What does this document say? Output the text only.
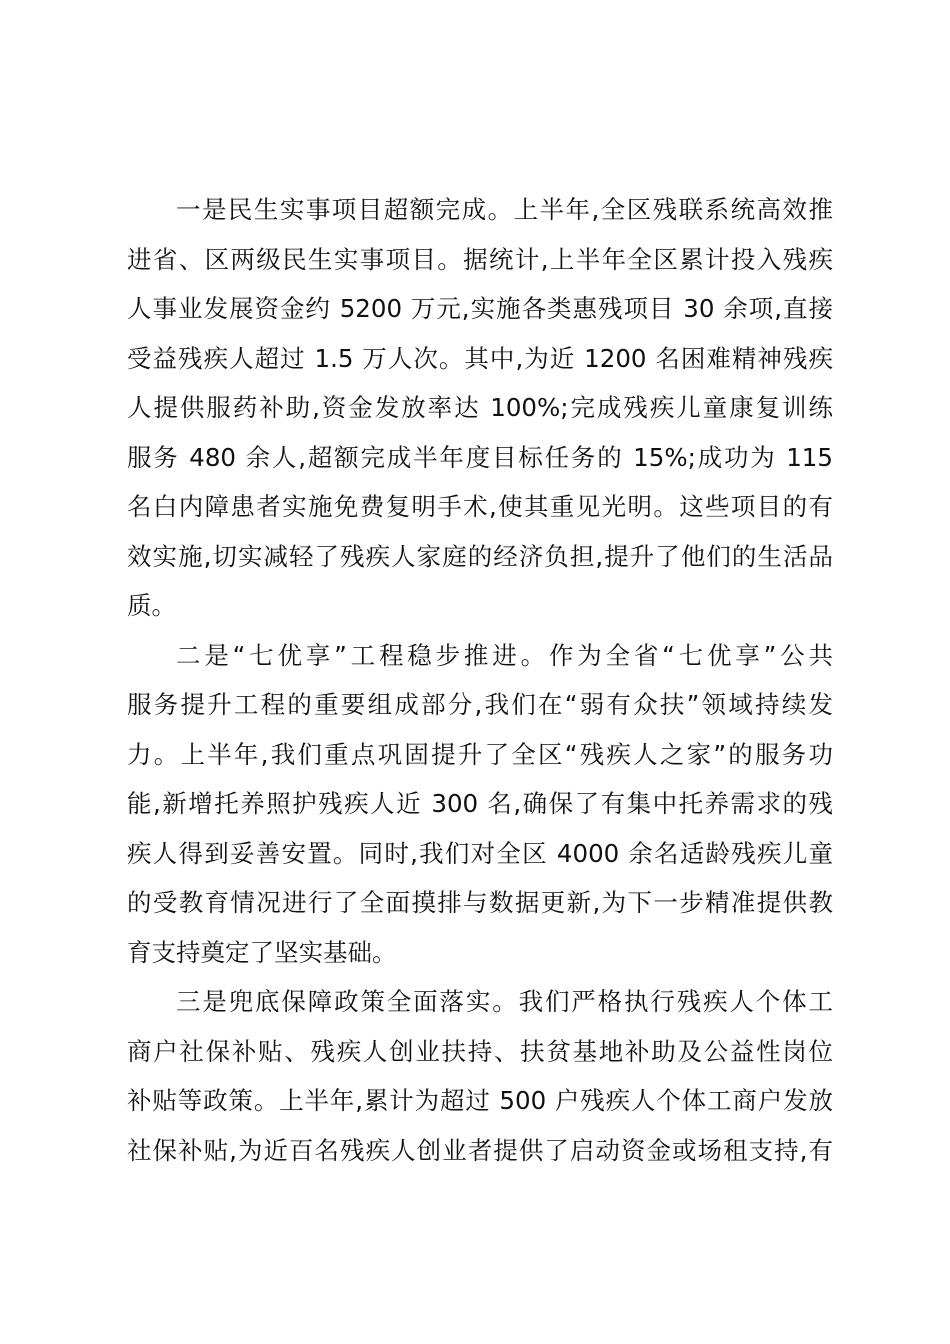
一是民生实事项目超额完成。上半年,全区残联系统高效推
进省、区两级民生实事项目。据统计,上半年全区累计投入残疾
人事业发展资金约 5200 万元,实施各类惠残项目 30 余项,直接
受益残疾人超过 1.5 万人次。其中,为近 1200 名困难精神残疾
人提供服药补助,资金发放率达 100%;完成残疾儿童康复训练
服务 480 余人,超额完成半年度目标任务的 15%;成功为 115
名白内障患者实施免费复明手术,使其重见光明。这些项目的有
效实施,切实减轻了残疾人家庭的经济负担,提升了他们的生活品
质。

二是“七优享”工程稳步推进。作为全省“七优享”公共
服务提升工程的重要组成部分,我们在“弱有众扶”领域持续发
力。上半年,我们重点巩固提升了全区“残疾人之家”的服务功
能,新增托养照护残疾人近 300 名,确保了有集中托养需求的残
疾人得到妥善安置。同时,我们对全区 4000 余名适龄残疾儿童
的受教育情况进行了全面摸排与数据更新,为下一步精准提供教
育支持奠定了坚实基础。

三是兜底保障政策全面落实。我们严格执行残疾人个体工
商户社保补贴、残疾人创业扶持、扶贫基地补助及公益性岗位
补贴等政策。上半年,累计为超过 500 户残疾人个体工商户发放
社保补贴,为近百名残疾人创业者提供了启动资金或场租支持,有
